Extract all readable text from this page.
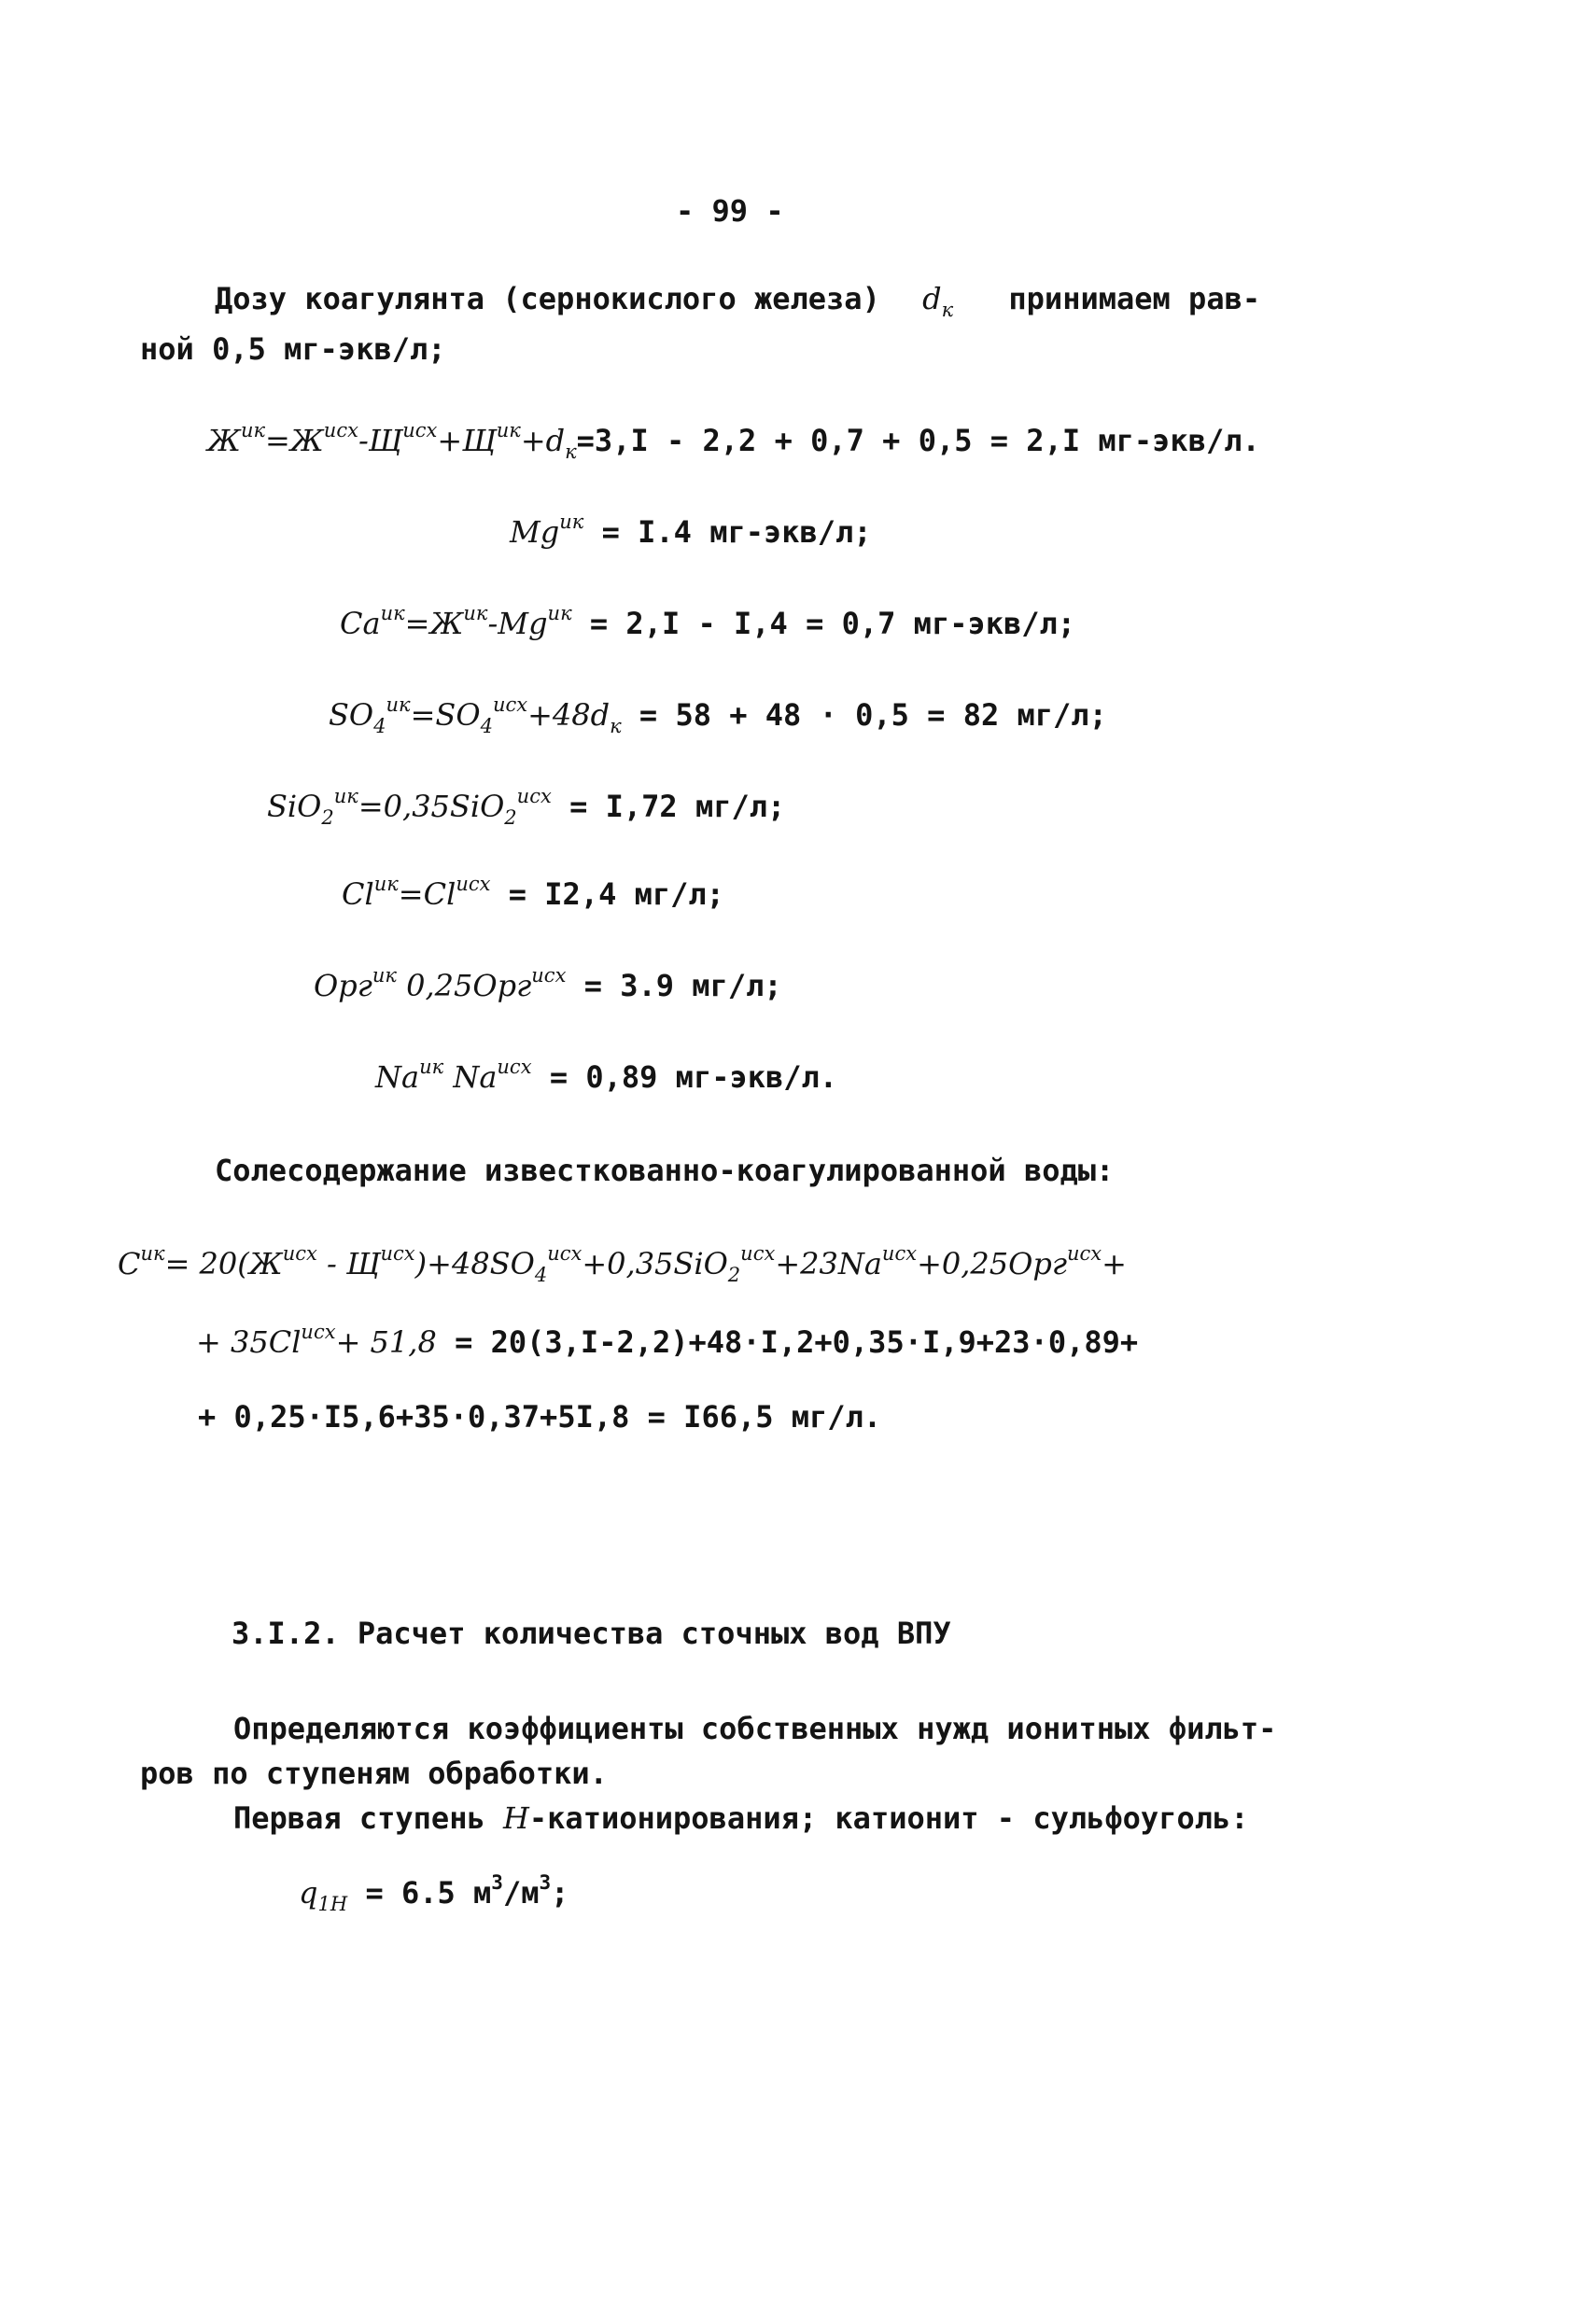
- 99 -
Дозу коагулянта (сернокислого железа) $d_к$ принимаем рав-
ной 0,5 мг-экв/л;
$Ж^{ик}=Ж^{исх}-Щ^{исх}+Щ^{ик}+d_к=3,I - 2,2 + 0,7 + 0,5 = 2,I$ мг-экв/л.
$Mg^{ик} = I.4$ мг-экв/л;
$Ca^{ик}=Ж^{ик}-Mg^{ик} = 2,I - I,4 = 0,7$ мг-экв/л;
$SO_4^{ик}=SO_4^{исх}+48d_к = 58 + 48 \cdot 0,5 = 82$ мг/л;
SiO$_2^{ик}$=0,35SiO$_2^{исх}$ = I,72 мг/л;
$Cl^{ик}=Cl^{исх} = I2,4$ мг/л;
Орг$^{ик}$ 0,25Орг$^{исх}$ = 3.9 мг/л;
$Na^{ик}$ $Na^{исх} = 0,89$ мг-экв/л.
Солесодержание известкованно-коагулированной воды:
$С^{ик}= 20(Ж^{исх} - Щ^{исх})+48SO_4^{исх}+0,35SiO_2^{исх}+23Na^{исх}+0,25Орг^{исх}+$
+ $35Cl^{исх}+ 51,8 = 20(3,I-2,2)+48\cdot I,2+0,35\cdot I,9+23\cdot 0,89+$
+ 0,25·I5,6+35·0,37+5I,8 = I66,5 мг/л.
3.I.2. Расчет количества сточных вод ВПУ
Определяются коэффициенты собственных нужд ионитных фильт-
ров по ступеням обработки.
Первая ступень Н-катионирования; катионит - сульфоуголь:
$q_{1Н} = 6.5$ $м^3/м^3$;
